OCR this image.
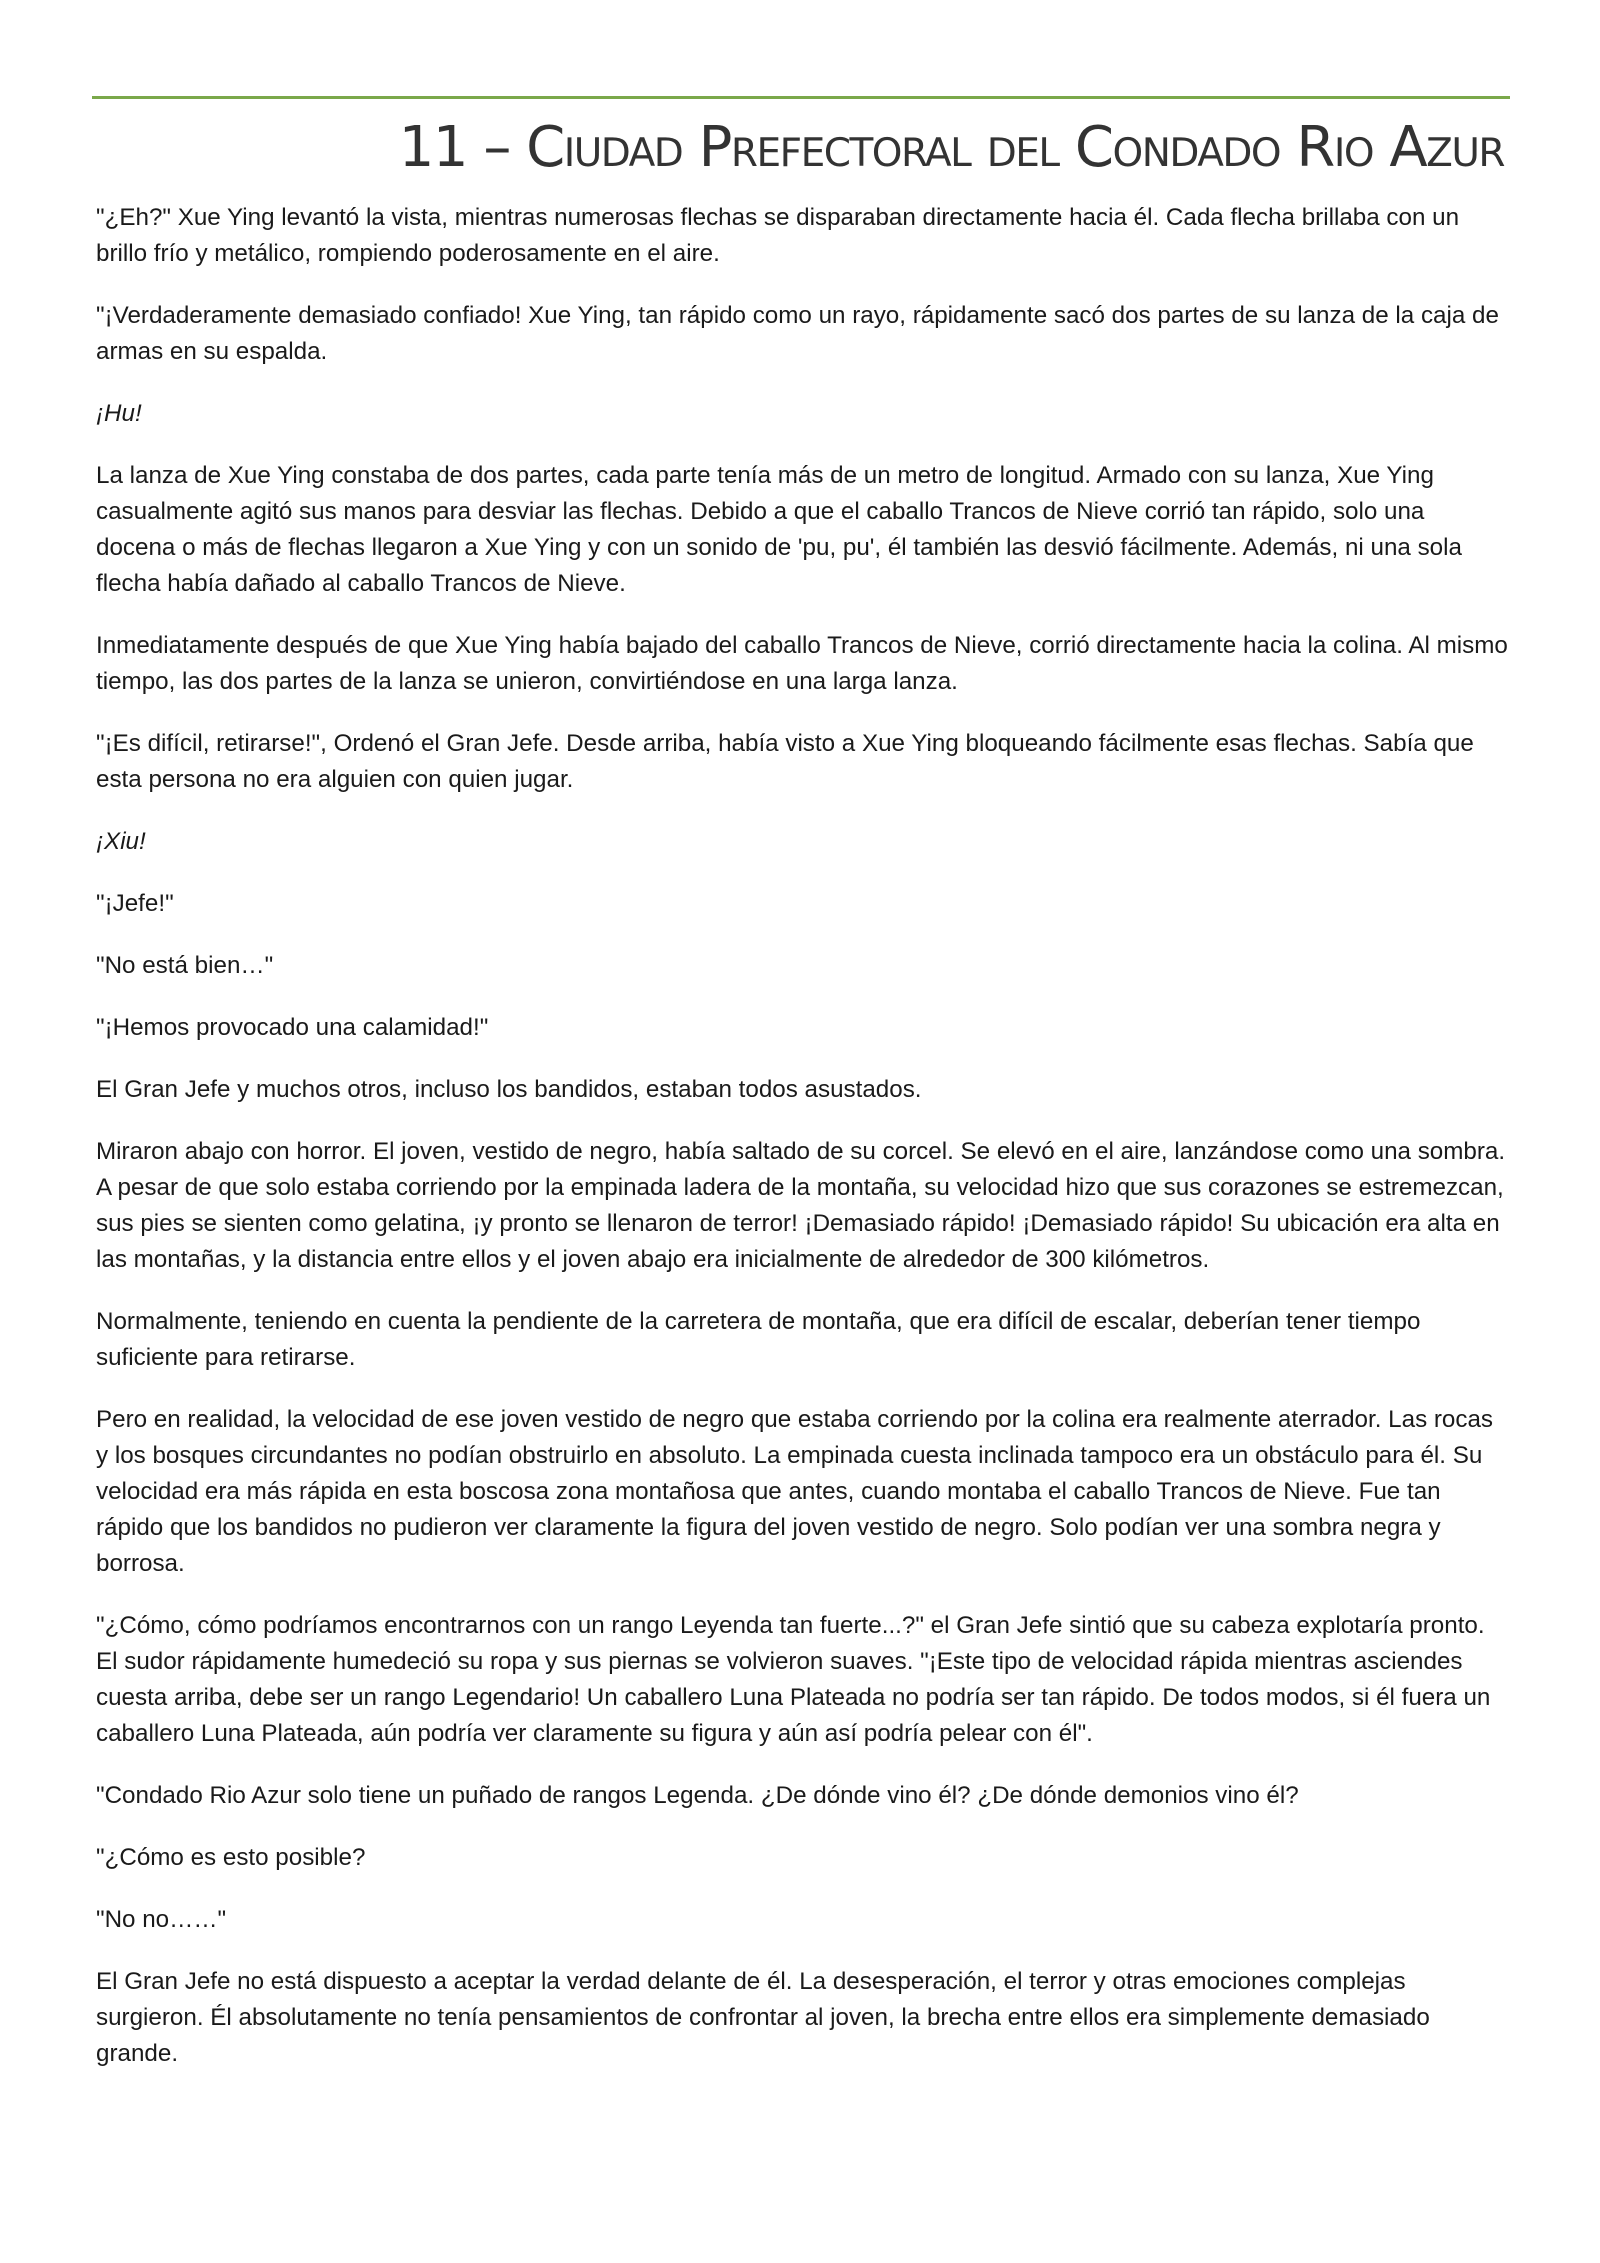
11 – Ciudad Prefectoral del Condado Rio Azur

"¿Eh?" Xue Ying levantó la vista, mientras numerosas flechas se disparaban directamente hacia él. Cada flecha brillaba con un brillo frío y metálico, rompiendo poderosamente en el aire.

"¡Verdaderamente demasiado confiado! Xue Ying, tan rápido como un rayo, rápidamente sacó dos partes de su lanza de la caja de armas en su espalda.

¡Hu!

La lanza de Xue Ying constaba de dos partes, cada parte tenía más de un metro de longitud. Armado con su lanza, Xue Ying casualmente agitó sus manos para desviar las flechas. Debido a que el caballo Trancos de Nieve corrió tan rápido, solo una docena o más de flechas llegaron a Xue Ying y con un sonido de 'pu, pu', él también las desvió fácilmente. Además, ni una sola flecha había dañado al caballo Trancos de Nieve.

Inmediatamente después de que Xue Ying había bajado del caballo Trancos de Nieve, corrió directamente hacia la colina. Al mismo tiempo, las dos partes de la lanza se unieron, convirtiéndose en una larga lanza.

"¡Es difícil, retirarse!", Ordenó el Gran Jefe. Desde arriba, había visto a Xue Ying bloqueando fácilmente esas flechas. Sabía que esta persona no era alguien con quien jugar.

¡Xiu!

"¡Jefe!"

"No está bien…"

"¡Hemos provocado una calamidad!"

El Gran Jefe y muchos otros, incluso los bandidos, estaban todos asustados.

Miraron abajo con horror. El joven, vestido de negro, había saltado de su corcel. Se elevó en el aire, lanzándose como una sombra. A pesar de que solo estaba corriendo por la empinada ladera de la montaña, su velocidad hizo que sus corazones se estremezcan, sus pies se sienten como gelatina, ¡y pronto se llenaron de terror! ¡Demasiado rápido! ¡Demasiado rápido! Su ubicación era alta en las montañas, y la distancia entre ellos y el joven abajo era inicialmente de alrededor de 300 kilómetros.

Normalmente, teniendo en cuenta la pendiente de la carretera de montaña, que era difícil de escalar, deberían tener tiempo suficiente para retirarse.

Pero en realidad, la velocidad de ese joven vestido de negro que estaba corriendo por la colina era realmente aterrador. Las rocas y los bosques circundantes no podían obstruirlo en absoluto. La empinada cuesta inclinada tampoco era un obstáculo para él. Su velocidad era más rápida en esta boscosa zona montañosa que antes, cuando montaba el caballo Trancos de Nieve. Fue tan rápido que los bandidos no pudieron ver claramente la figura del joven vestido de negro. Solo podían ver una sombra negra y borrosa.

"¿Cómo, cómo podríamos encontrarnos con un rango Leyenda tan fuerte...?" el Gran Jefe sintió que su cabeza explotaría pronto. El sudor rápidamente humedeció su ropa y sus piernas se volvieron suaves. "¡Este tipo de velocidad rápida mientras asciendes cuesta arriba, debe ser un rango Legendario! Un caballero Luna Plateada no podría ser tan rápido. De todos modos, si él fuera un caballero Luna Plateada, aún podría ver claramente su figura y aún así podría pelear con él".

"Condado Rio Azur solo tiene un puñado de rangos Legenda. ¿De dónde vino él? ¿De dónde demonios vino él?

"¿Cómo es esto posible?

"No no……"

El Gran Jefe no está dispuesto a aceptar la verdad delante de él. La desesperación, el terror y otras emociones complejas surgieron. Él absolutamente no tenía pensamientos de confrontar al joven, la brecha entre ellos era simplemente demasiado grande.
